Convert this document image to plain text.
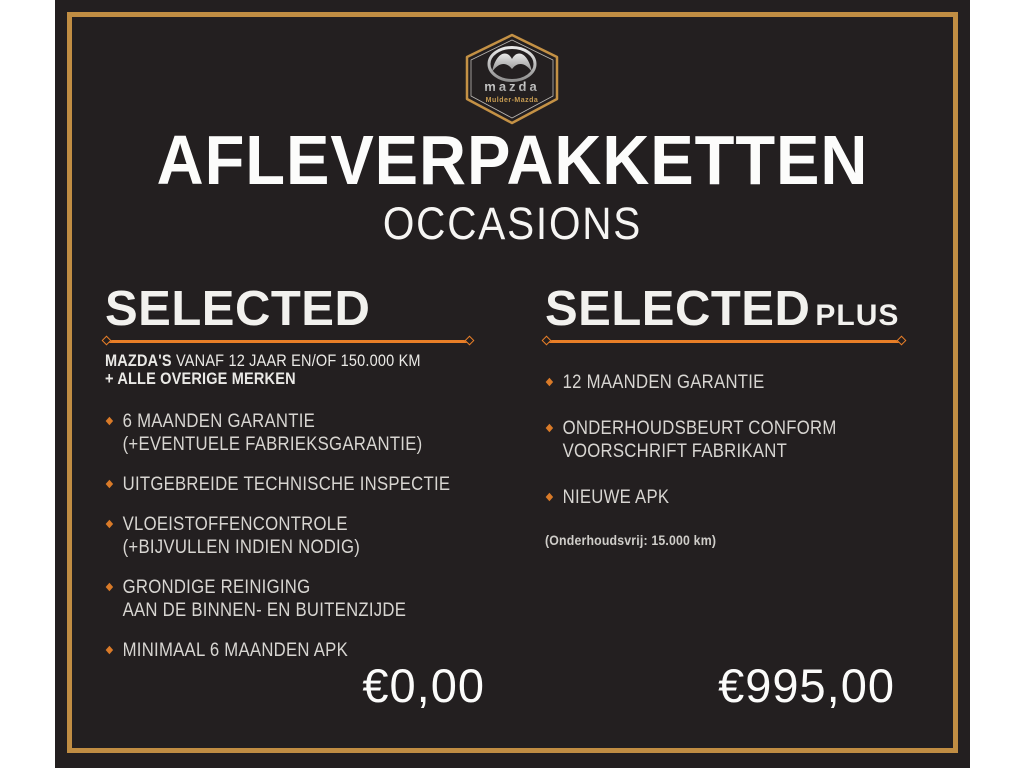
mazda
Mulder-Mazda
AFLEVERPAKKETTEN
OCCASIONS
SELECTED

MAZDA'S VANAF 12 JAAR EN/OF 150.000 KM

+ ALLE OVERIGE MERKEN

6 MAANDEN GARANTIE
(+EVENTUELE FABRIEKSGARANTIE)
UITGEBREIDE TECHNISCHE INSPECTIE
VLOEISTOFFENCONTROLE
(+BIJVULLEN INDIEN NODIG)
GRONDIGE REINIGING
AAN DE BINNEN- EN BUITENZIJDE
MINIMAAL 6 MAANDEN APK
SELECTED PLUS
12 MAANDEN GARANTIE
ONDERHOUDSBEURT CONFORM
VOORSCHRIFT FABRIKANT
NIEUWE APK

(Onderhoudsvrij: 15.000 km)

€0,00	€995,00
